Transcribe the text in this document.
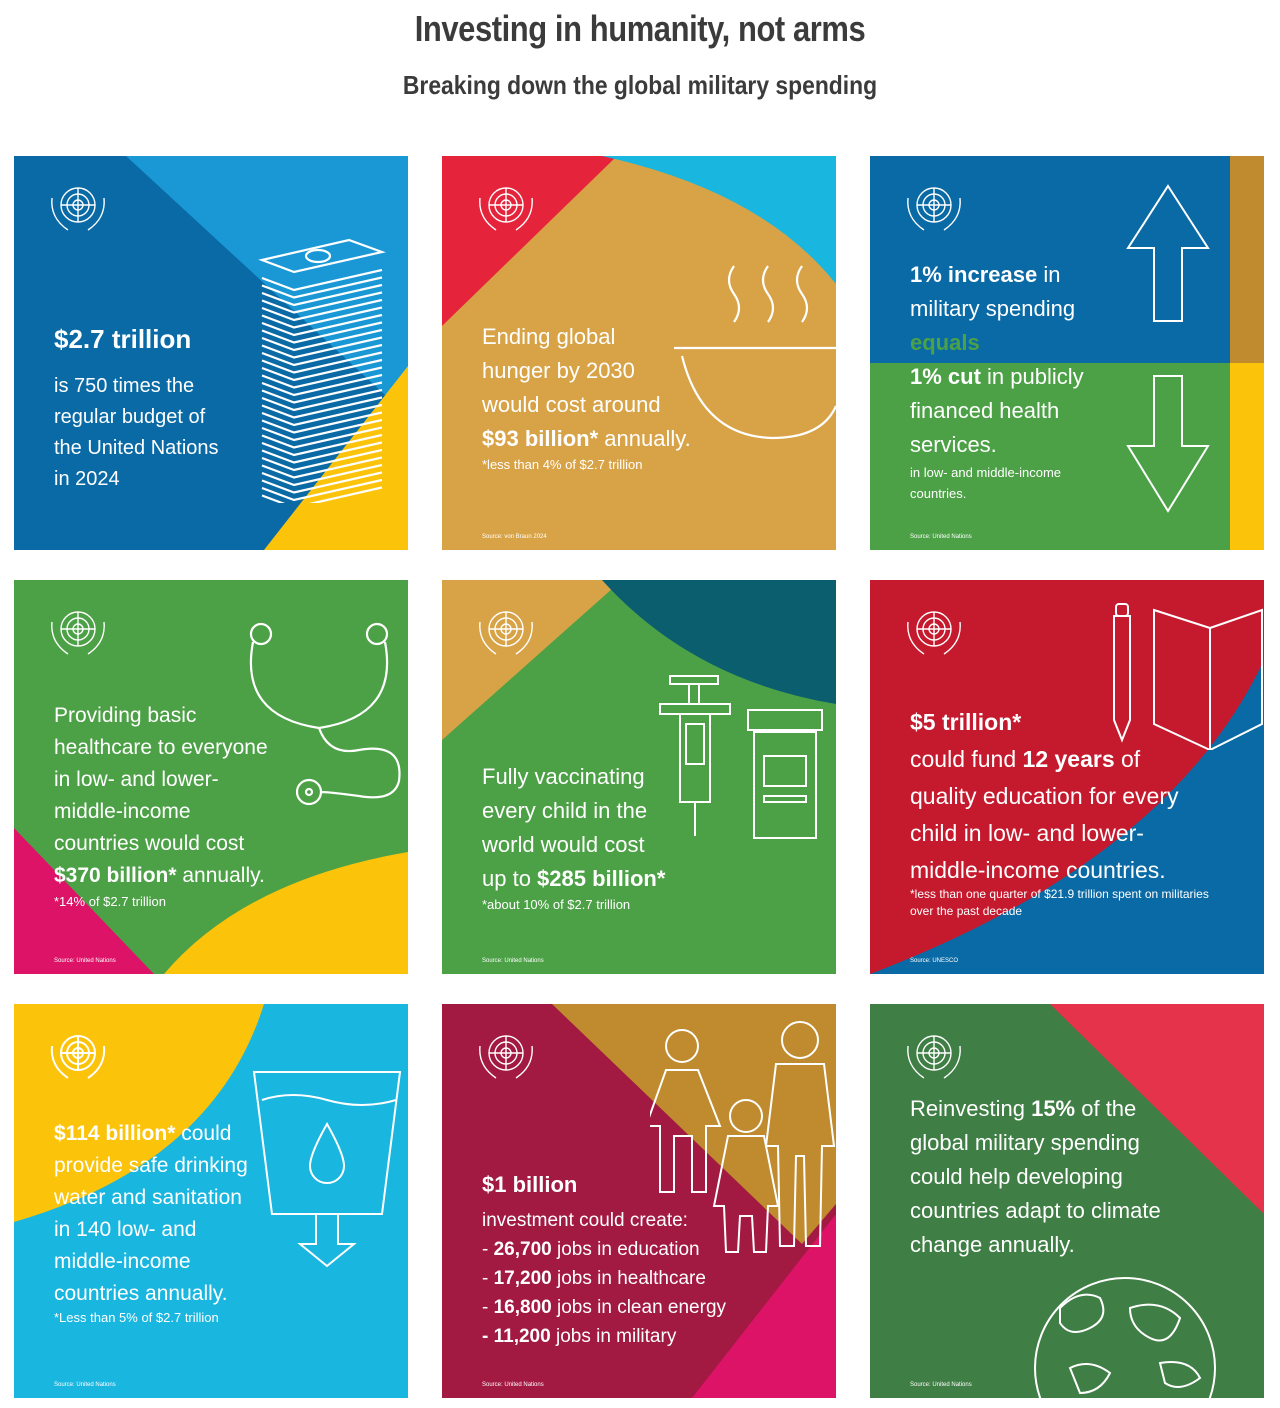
Investing in humanity, not arms
Breaking down the global military spending
$2.7 trillion
is 750 times the
regular budget of
the United Nations
in 2024
Ending global
hunger by 2030
would cost around
$93 billion* annually.
*less than 4% of $2.7 trillion
Source: von Braun 2024
1% increase in
military spending
equals
1% cut in publicly
financed health
services.
in low- and middle-income
countries.
Source: United Nations
Providing basic
healthcare to everyone
in low- and lower-
middle-income
countries would cost
$370 billion* annually.
*14% of $2.7 trillion
Source: United Nations
Fully vaccinating
every child in the
world would cost
up to $285 billion*
*about 10% of $2.7 trillion
Source: United Nations
$5 trillion*
could fund 12 years of
quality education for every
child in low- and lower-
middle-income countries.
*less than one quarter of $21.9 trillion spent on militaries
over the past decade
Source: UNESCO
$114 billion* could
provide safe drinking
water and sanitation
in 140 low- and
middle-income
countries annually.
*Less than 5% of $2.7 trillion
Source: United Nations
$1 billion
investment could create:
- 26,700 jobs in education
- 17,200 jobs in healthcare
- 16,800 jobs in clean energy
- 11,200 jobs in military
Source: United Nations
Reinvesting 15% of the
global military spending
could help developing
countries adapt to climate
change annually.
Source: United Nations
